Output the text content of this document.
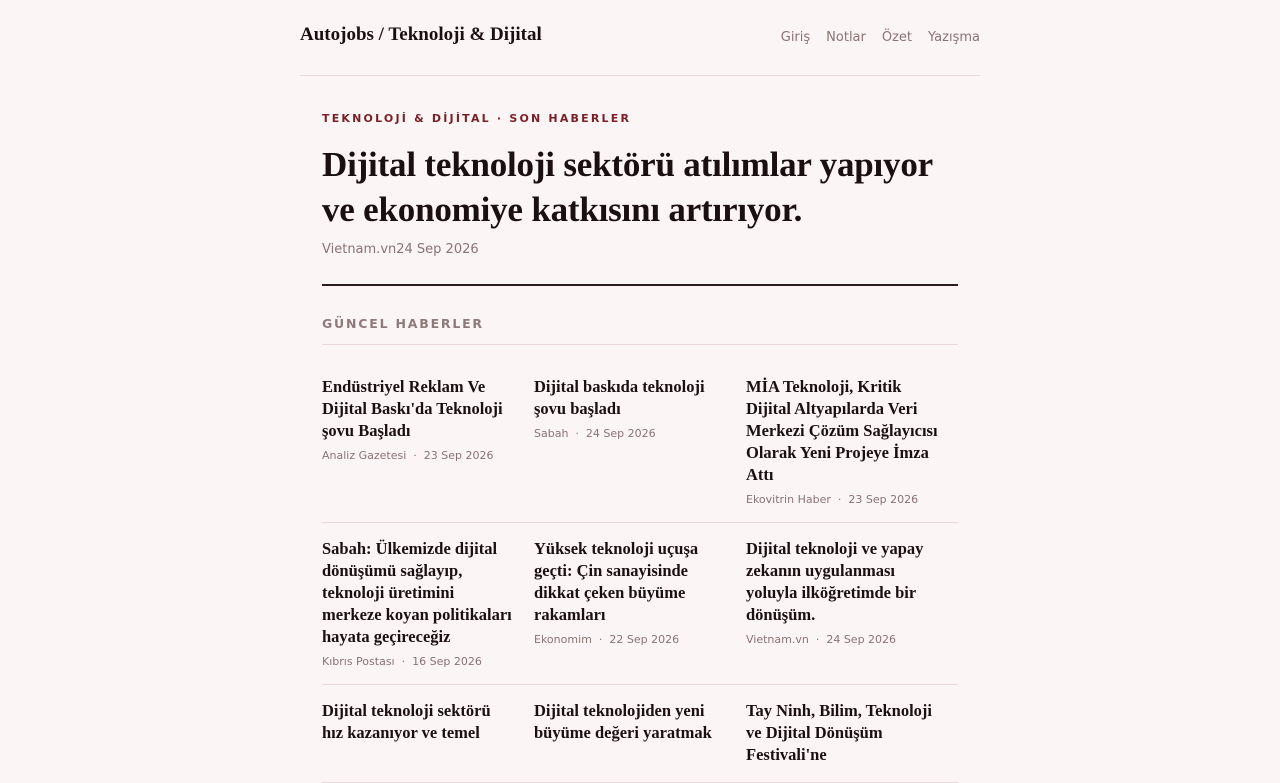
Autojobs / Teknoloji & Dijital	Giriş Notlar Özet Yazışma
TEKNOLOJİ & DİJİTAL · SON HABERLER
Dijital teknoloji sektörü atılımlar yapıyor ve ekonomiye katkısını artırıyor.
Vietnam.vn24 Sep 2026
GÜNCEL HABERLER
Endüstriyel Reklam Ve Dijital Baskı'da Teknoloji şovu Başladı
Analiz Gazetesi · 23 Sep 2026
Dijital baskıda teknoloji şovu başladı
Sabah · 24 Sep 2026
MİA Teknoloji, Kritik Dijital Altyapılarda Veri Merkezi Çözüm Sağlayıcısı Olarak Yeni Projeye İmza Attı
Ekovitrin Haber · 23 Sep 2026
Sabah: Ülkemizde dijital dönüşümü sağlayıp, teknoloji üretimini merkeze koyan politikaları hayata geçireceğiz
Kıbrıs Postası · 16 Sep 2026
Yüksek teknoloji uçuşa geçti: Çin sanayisinde dikkat çeken büyüme rakamları
Ekonomim · 22 Sep 2026
Dijital teknoloji ve yapay zekanın uygulanması yoluyla ilköğretimde bir dönüşüm.
Vietnam.vn · 24 Sep 2026
Dijital teknoloji sektörü hız kazanıyor ve temel
Dijital teknolojiden yeni büyüme değeri yaratmak
Tay Ninh, Bilim, Teknoloji ve Dijital Dönüşüm Festivali'ne
